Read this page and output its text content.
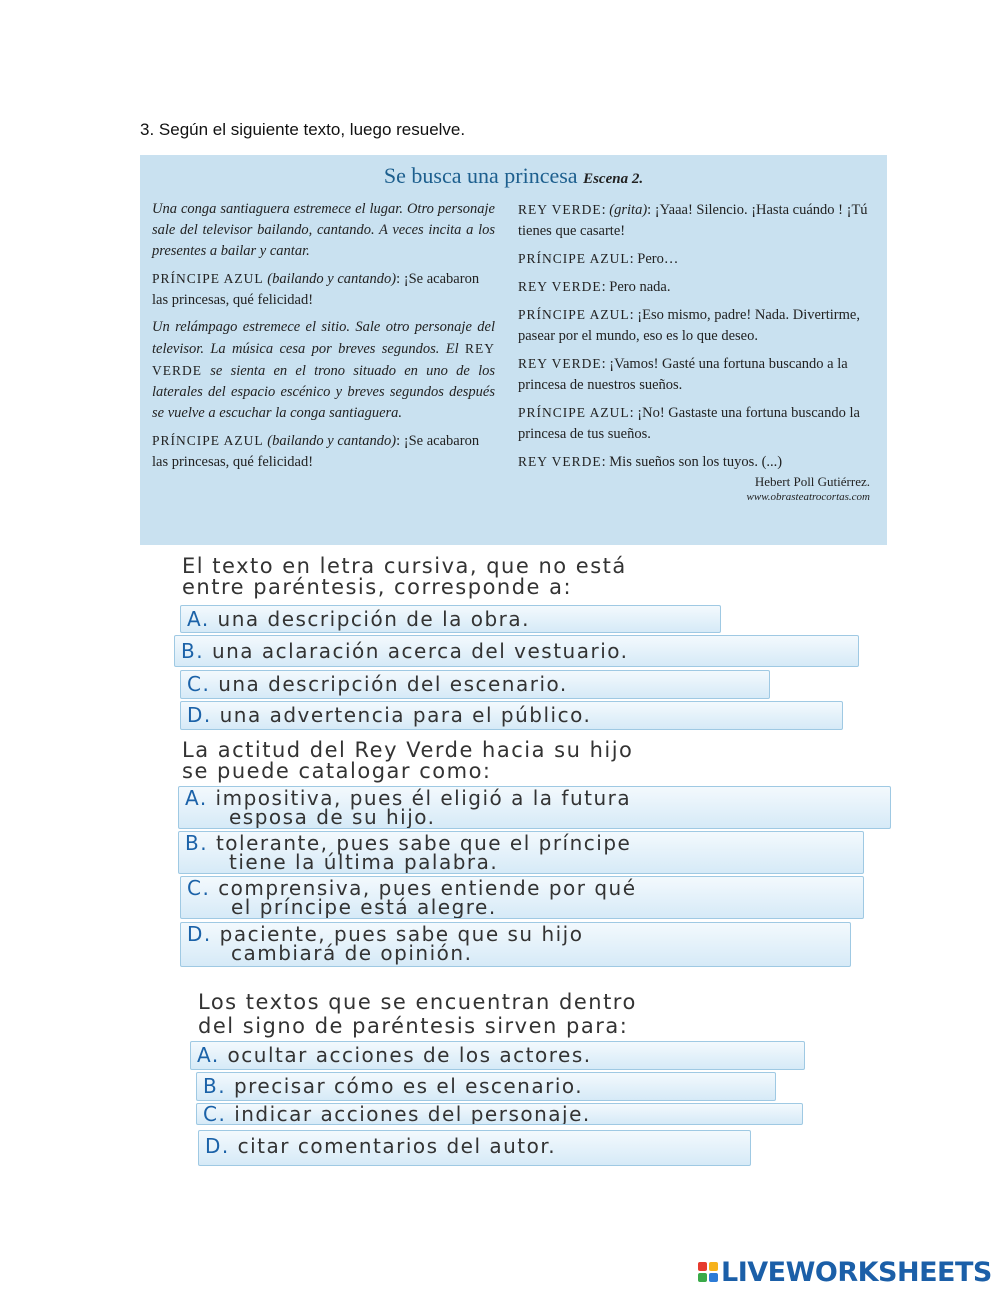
3. Según el siguiente texto, luego resuelve.
Se busca una princesa Escena 2.

Una conga santiaguera estremece el lugar. Otro personaje sale del televisor bailando, cantando. A veces incita a los presentes a bailar y cantar.

PRÍNCIPE AZUL (bailando y cantando): ¡Se acabaron las princesas, qué felicidad!

Un relámpago estremece el sitio. Sale otro personaje del televisor. La música cesa por breves segundos. El REY VERDE se sienta en el trono situado en uno de los laterales del espacio escénico y breves segundos después se vuelve a escuchar la conga santiaguera.

PRÍNCIPE AZUL (bailando y cantando): ¡Se acabaron las princesas, qué felicidad!

REY VERDE: (grita): ¡Yaaa! Silencio. ¡Hasta cuándo ! ¡Tú tienes que casarte!

PRÍNCIPE AZUL: Pero…

REY VERDE: Pero nada.

PRÍNCIPE AZUL: ¡Eso mismo, padre! Nada. Divertirme, pasear por el mundo, eso es lo que deseo.

REY VERDE: ¡Vamos! Gasté una fortuna buscando a la princesa de nuestros sueños.

PRÍNCIPE AZUL: ¡No! Gastaste una fortuna buscando la princesa de tus sueños.

REY VERDE: Mis sueños son los tuyos. (...)

Hebert Poll Gutiérrez.
www.obrasteatrocortas.com
El texto en letra cursiva, que no está
entre paréntesis, corresponde a:
A. una descripción de la obra.
B. una aclaración acerca del vestuario.
C. una descripción del escenario.
D. una advertencia para el público.
La actitud del Rey Verde hacia su hijo
se puede catalogar como:
A. impositiva, pues él eligió a la futura
esposa de su hijo.
B. tolerante, pues sabe que el príncipe
tiene la última palabra.
C. comprensiva, pues entiende por qué
el príncipe está alegre.
D. paciente, pues sabe que su hijo
cambiará de opinión.
Los textos que se encuentran dentro
del signo de paréntesis sirven para:
A. ocultar acciones de los actores.
B. precisar cómo es el escenario.
C. indicar acciones del personaje.
D. citar comentarios del autor.
LIVEWORKSHEETS
